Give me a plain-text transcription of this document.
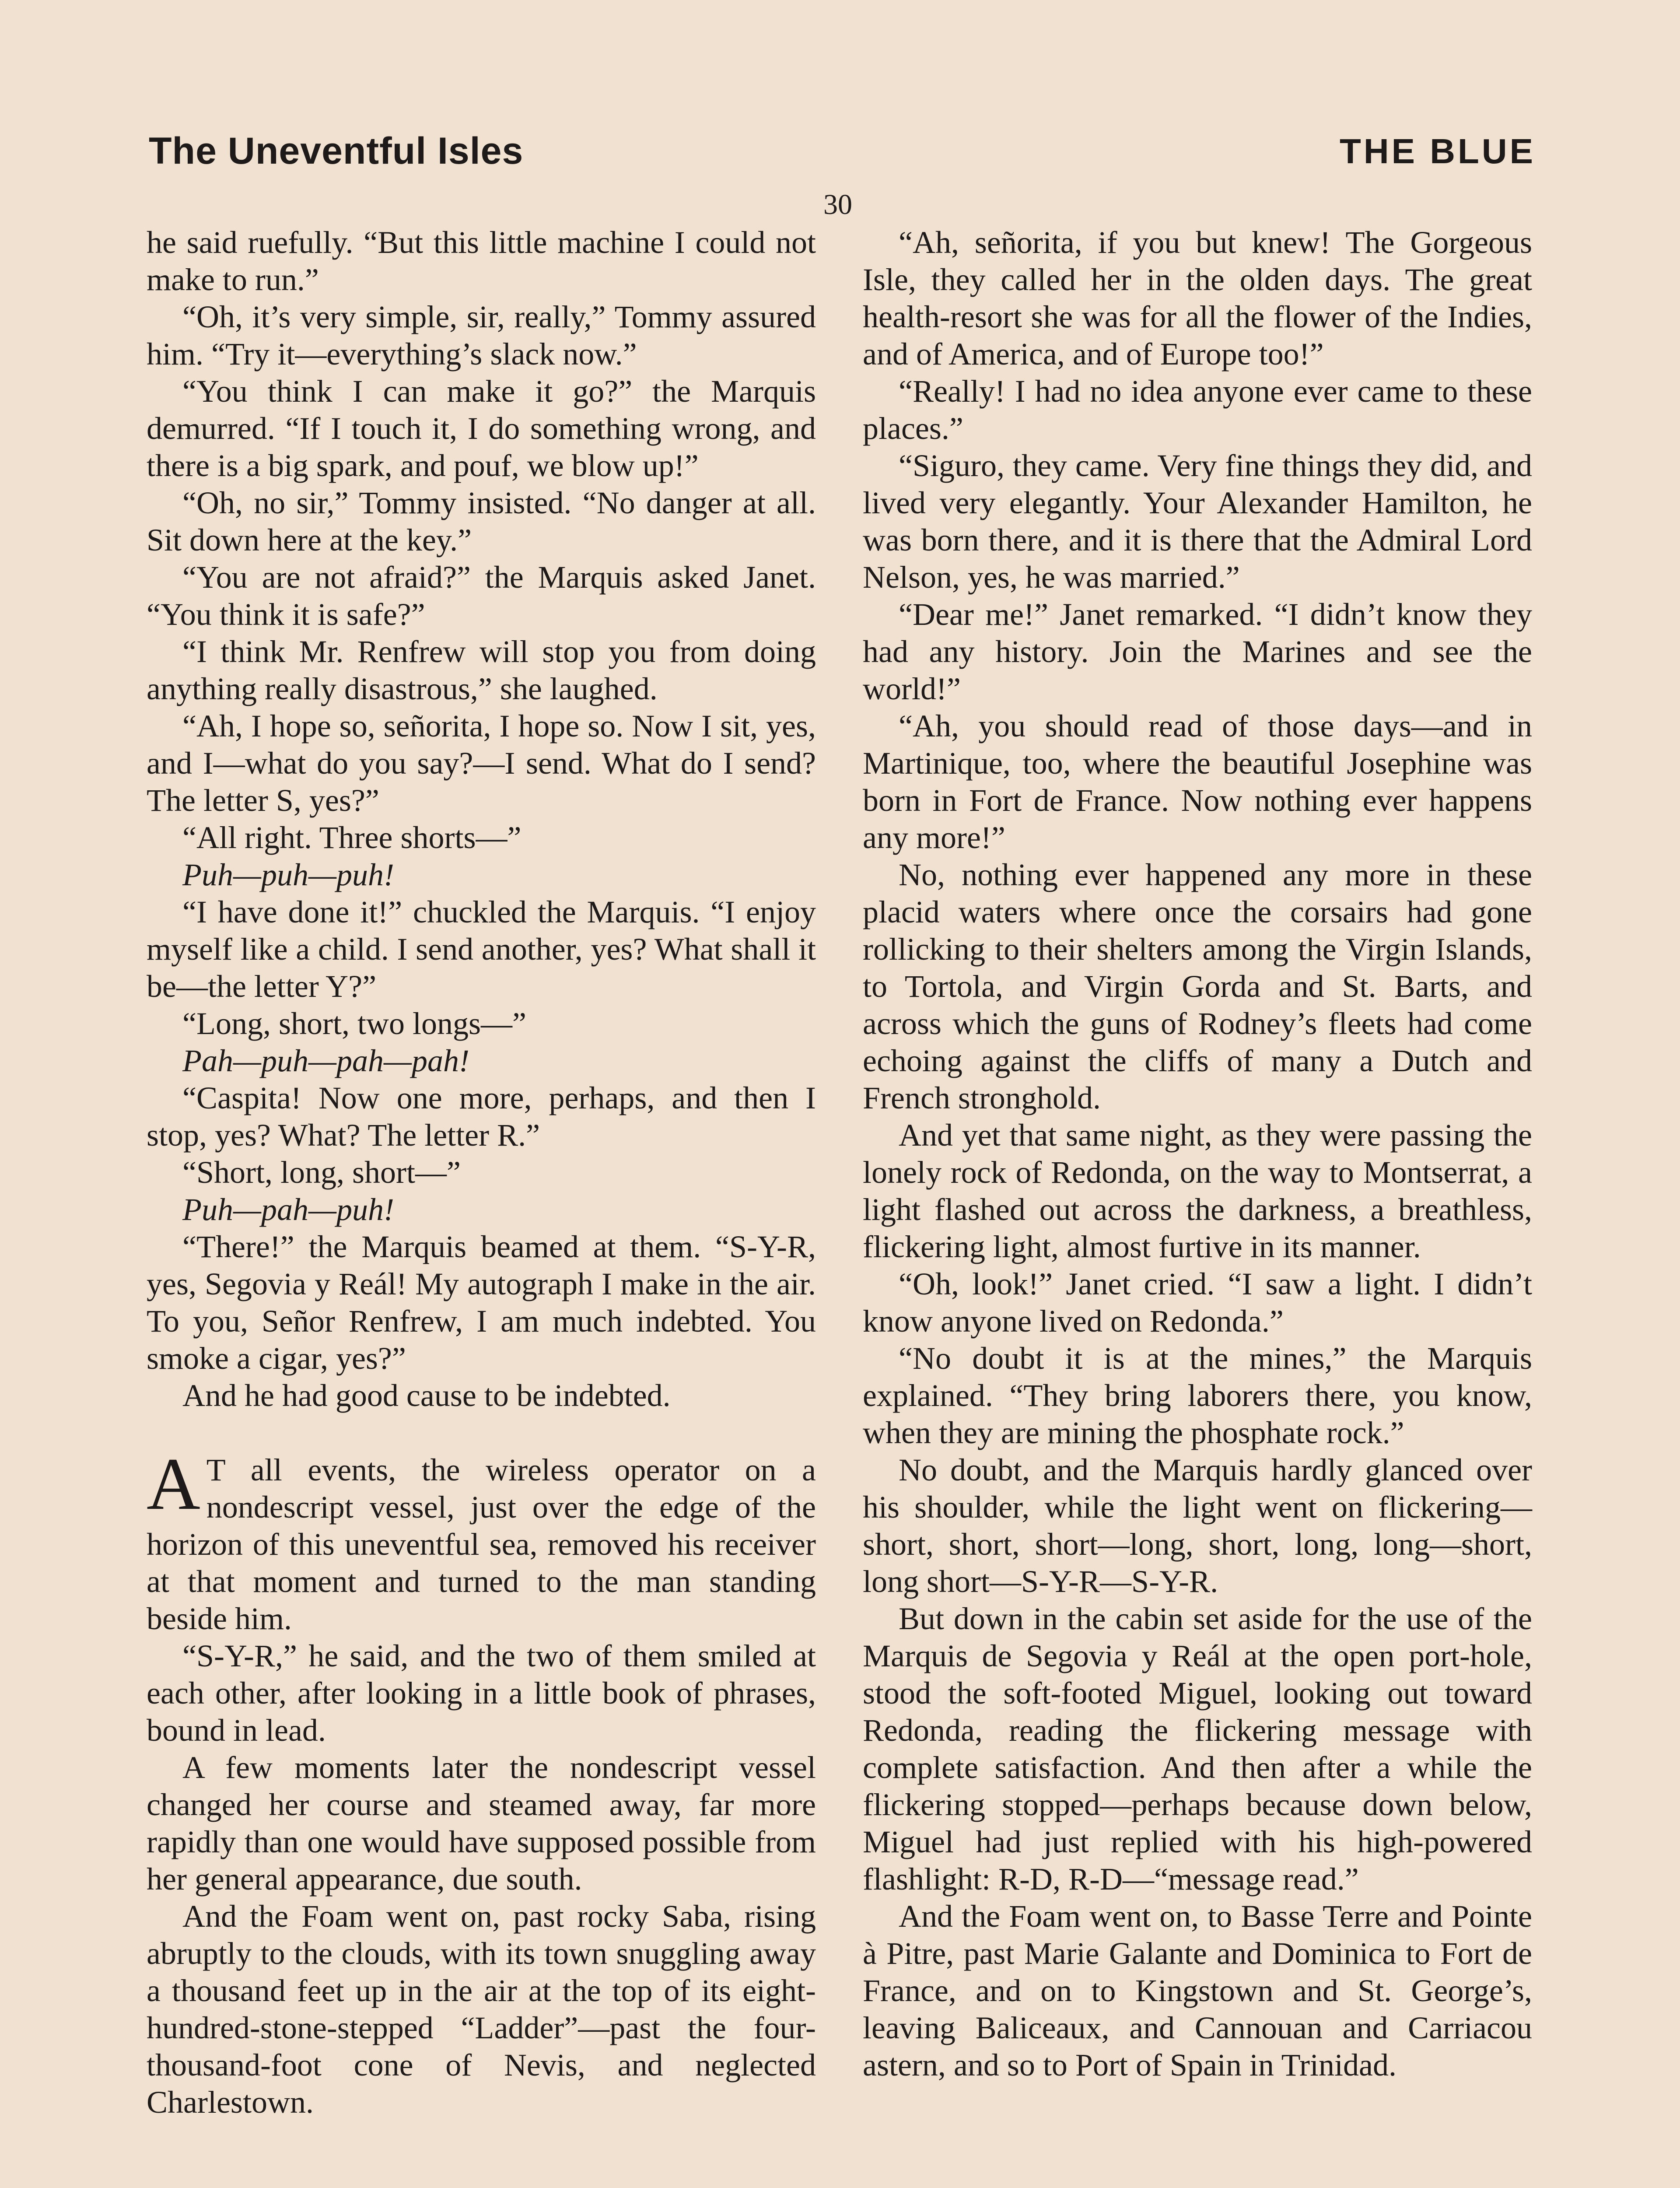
The Uneventful Isles	THE BLUE
30

he said ruefully. “But this little machine I could not make to run.”

“Oh, it’s very simple, sir, really,” Tommy assured him. “Try it—everything’s slack now.”

“You think I can make it go?” the Marquis demurred. “If I touch it, I do something wrong, and there is a big spark, and pouf, we blow up!”

“Oh, no sir,” Tommy insisted. “No danger at all. Sit down here at the key.”

“You are not afraid?” the Marquis asked Janet. “You think it is safe?”

“I think Mr. Renfrew will stop you from doing anything really disastrous,” she laughed.

“Ah, I hope so, señorita, I hope so. Now I sit, yes, and I—what do you say?—I send. What do I send? The letter S, yes?”

“All right. Three shorts—”

Puh—puh—puh!

“I have done it!” chuckled the Marquis. “I enjoy myself like a child. I send another, yes? What shall it be—the letter Y?”

“Long, short, two longs—”

Pah—puh—pah—pah!

“Caspita! Now one more, perhaps, and then I stop, yes? What? The letter R.”

“Short, long, short—”

Puh—pah—puh!

“There!” the Marquis beamed at them. “S-Y-R, yes, Segovia y Reál! My autograph I make in the air. To you, Señor Renfrew, I am much indebted. You smoke a cigar, yes?”

And he had good cause to be indebted.

A T all events, the wireless operator on a nondescript vessel, just over the edge of the horizon of this uneventful sea, removed his receiver at that moment and turned to the man standing beside him.

“S-Y-R,” he said, and the two of them smiled at each other, after looking in a little book of phrases, bound in lead.

A few moments later the nondescript vessel changed her course and steamed away, far more rapidly than one would have supposed possible from her general appearance, due south.

And the Foam went on, past rocky Saba, rising abruptly to the clouds, with its town snuggling away a thousand feet up in the air at the top of its eight-hundred-stone-stepped “Ladder”—past the four-thousand-foot cone of Nevis, and neglected Charlestown.

“Ah, señorita, if you but knew! The Gorgeous Isle, they called her in the olden days. The great health-resort she was for all the flower of the Indies, and of America, and of Europe too!”

“Really! I had no idea anyone ever came to these places.”

“Siguro, they came. Very fine things they did, and lived very elegantly. Your Alexander Hamilton, he was born there, and it is there that the Admiral Lord Nelson, yes, he was married.”

“Dear me!” Janet remarked. “I didn’t know they had any history. Join the Marines and see the world!”

“Ah, you should read of those days—and in Martinique, too, where the beautiful Josephine was born in Fort de France. Now nothing ever happens any more!”

No, nothing ever happened any more in these placid waters where once the corsairs had gone rollicking to their shelters among the Virgin Islands, to Tortola, and Virgin Gorda and St. Barts, and across which the guns of Rodney’s fleets had come echoing against the cliffs of many a Dutch and French stronghold.

And yet that same night, as they were passing the lonely rock of Redonda, on the way to Montserrat, a light flashed out across the darkness, a breathless, flickering light, almost furtive in its manner.

“Oh, look!” Janet cried. “I saw a light. I didn’t know anyone lived on Redonda.”

“No doubt it is at the mines,” the Marquis explained. “They bring laborers there, you know, when they are mining the phosphate rock.”

No doubt, and the Marquis hardly glanced over his shoulder, while the light went on flickering—short, short, short—long, short, long, long—short, long short—S-Y-R—S-Y-R.

But down in the cabin set aside for the use of the Marquis de Segovia y Reál at the open port-hole, stood the soft-footed Miguel, looking out toward Redonda, reading the flickering message with complete satisfaction. And then after a while the flickering stopped—perhaps because down below, Miguel had just replied with his high-powered flashlight: R-D, R-D—“message read.”

And the Foam went on, to Basse Terre and Pointe à Pitre, past Marie Galante and Dominica to Fort de France, and on to Kingstown and St. George’s, leaving Baliceaux, and Cannouan and Carriacou astern, and so to Port of Spain in Trinidad.
